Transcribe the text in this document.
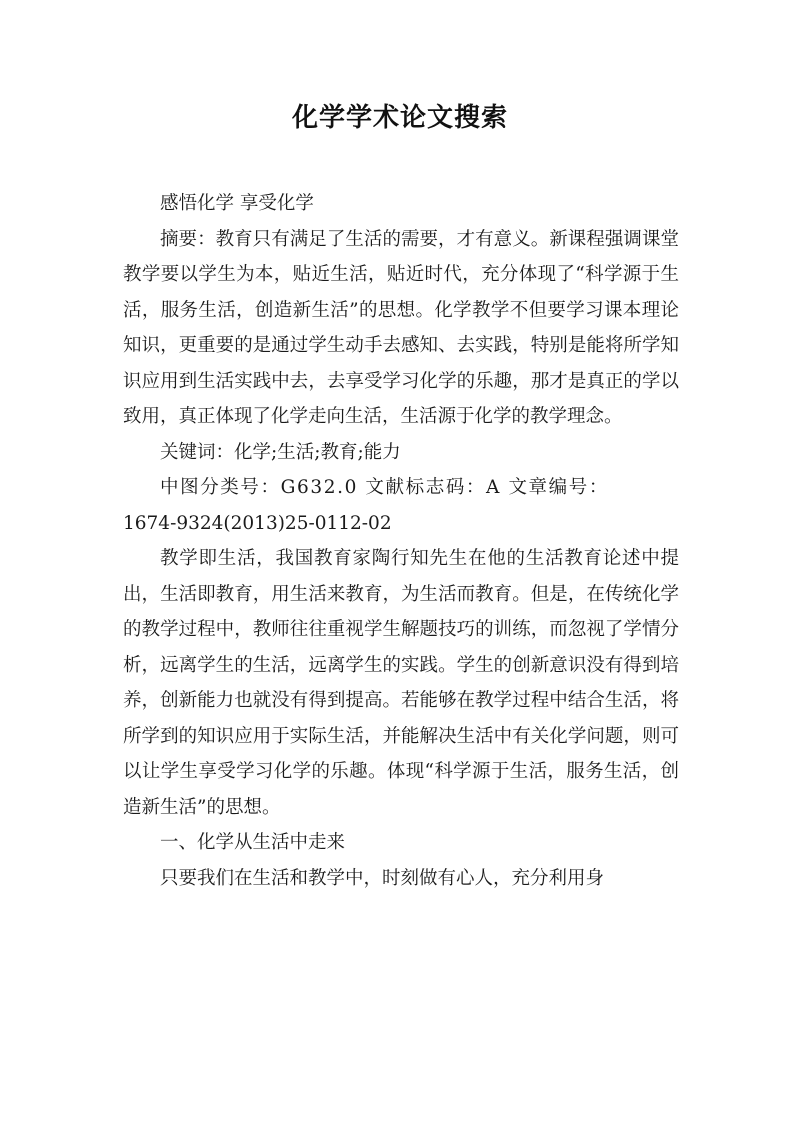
化学学术论文搜索

感悟化学 享受化学

摘要：教育只有满足了生活的需要，才有意义。新课程强调课堂教学要以学生为本，贴近生活，贴近时代，充分体现了“科学源于生活，服务生活，创造新生活”的思想。化学教学不但要学习课本理论知识，更重要的是通过学生动手去感知、去实践，特别是能将所学知识应用到生活实践中去，去享受学习化学的乐趣，那才是真正的学以致用，真正体现了化学走向生活，生活源于化学的教学理念。

关键词：化学;生活;教育;能力

中图分类号：G632.0 文献标志码：A 文章编号：
1674-9324(2013)25-0112-02

教学即生活，我国教育家陶行知先生在他的生活教育论述中提出，生活即教育，用生活来教育，为生活而教育。但是，在传统化学的教学过程中，教师往往重视学生解题技巧的训练，而忽视了学情分析，远离学生的生活，远离学生的实践。学生的创新意识没有得到培养，创新能力也就没有得到提高。若能够在教学过程中结合生活，将所学到的知识应用于实际生活，并能解决生活中有关化学问题，则可以让学生享受学习化学的乐趣。体现“科学源于生活，服务生活，创造新生活”的思想。

一、化学从生活中走来

只要我们在生活和教学中，时刻做有心人，充分利用身
